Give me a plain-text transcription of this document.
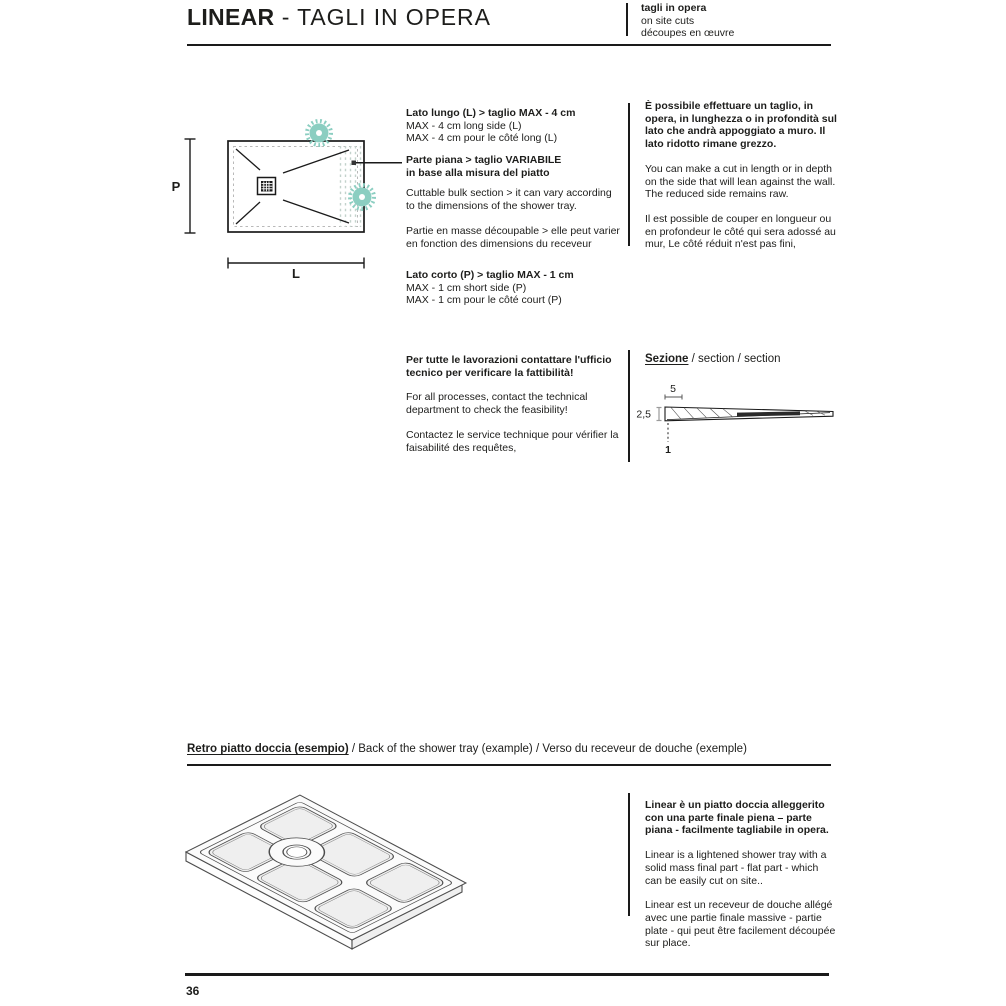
LINEAR - TAGLI IN OPERA	tagli in opera
on site cuts
découpes en œuvre
P
L
Lato lungo (L) > taglio MAX - 4 cm
MAX - 4 cm long side (L)
MAX - 4 cm pour le côté long (L)
Parte piana > taglio VARIABILE
in base alla misura del piatto

Cuttable bulk section > it can vary according to the dimensions of the shower tray.

Partie en masse découpable > elle peut varier en fonction des dimensions du receveur

Lato corto (P) > taglio MAX - 1 cm
MAX - 1 cm short side (P)
MAX - 1 cm pour le côté court (P)

Per tutte le lavorazioni contattare l'ufficio tecnico per verificare la fattibilità!

For all processes, contact the technical department to check the feasibility!

Contactez le service technique pour vérifier la faisabilité des requêtes,

È possibile effettuare un taglio, in opera, in lunghezza o in profondità sul lato che andrà appoggiato a muro. Il lato ridotto rimane grezzo.

You can make a cut in length or in depth on the side that will lean against the wall. The reduced side remains raw.

Il est possible de couper en longueur ou en profondeur le côté qui sera adossé au mur, Le côté réduit n'est pas fini,

Sezione / section / section
5
2,5
1
Retro piatto doccia (esempio) / Back of the shower tray (example) / Verso du receveur de douche (exemple)

Linear è un piatto doccia alleggerito con una parte finale piena – parte piana - facilmente tagliabile in opera.

Linear is a lightened shower tray with a solid mass final part - flat part - which can be easily cut on site..

Linear est un receveur de douche allégé avec une partie finale massive - partie plate - qui peut être facilement découpée sur place.

36
